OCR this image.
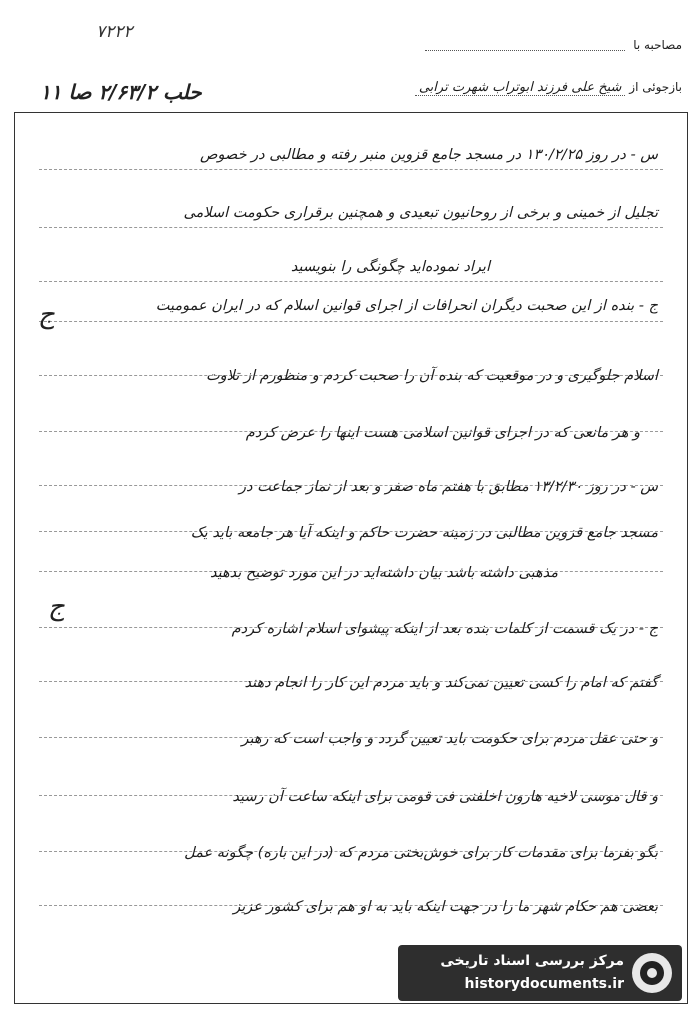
۷۲۲۲
حلب ۲/۶۳/۲ صا ۱۱
مصاحبه با
بازجوئی از شیخ علی فرزند ابوتراب شهرت ترابی
ج
ج
س - در روز ۱۳۰/۲/۲۵ در مسجد جامع قزوین منبر رفته و مطالبی در خصوص
تجلیل از خمینی و برخی از روحانیون تبعیدی و همچنین برقراری حکومت اسلامی
ایراد نموده‌اید چگونگی را بنویسید
ج - بنده از این صحبت دیگران انحرافات از اجرای قوانین اسلام که در ایران عمومیت
اسلام جلوگیری و در موقعیت که بنده آن را صحبت کردم و منظورم از تلاوت
و هر مانعی که در اجرای قوانین اسلامی هست اینها را عرض کردم
س - در روز ۱۳/۲/۳۰ مطابق با هفتم ماه صفر و بعد از نماز جماعت در
مسجد جامع قزوین مطالبی در زمینه حضرت حاکم و اینکه آیا هر جامعه باید یک
مذهبی داشته باشد بیان داشته‌اید در این مورد توضیح بدهید
ج - در یک قسمت از کلمات بنده بعد از اینکه پیشوای اسلام اشاره کردم
گفتم که امام را کسی تعیین نمی‌کند و باید مردم این کار را انجام دهند
و حتی عقل مردم برای حکومت باید تعیین گردد و واجب است که رهبر
و قال موسی لاخیه هارون اخلفنی فی قومی برای اینکه ساعت آن رسید
بگو بفرما برای مقدمات کار برای خوش‌بختی مردم که (در این باره) چگونه عمل
بعضی هم حکام شهر ما را در جهت اینکه باید به او هم برای کشور عزیز
مرکز بررسی اسناد تاریخی
historydocuments.ir
